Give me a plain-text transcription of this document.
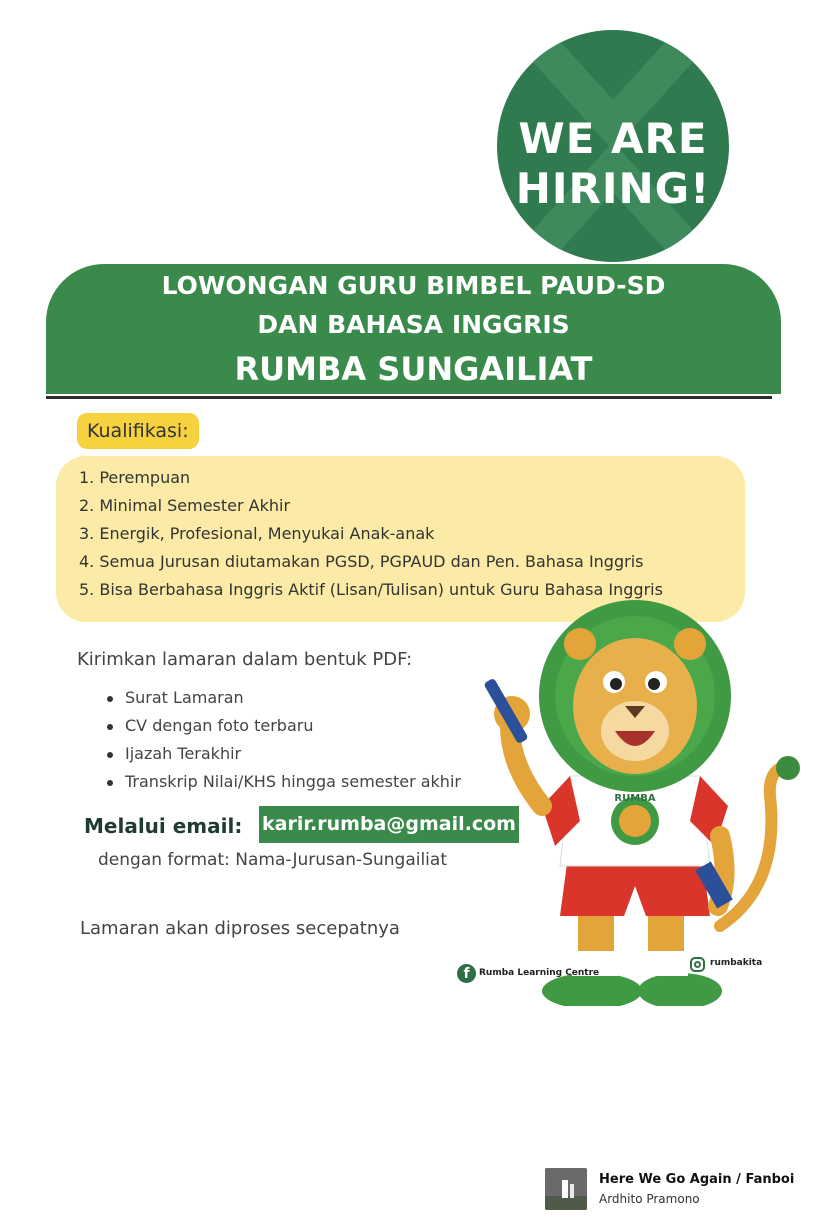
WE ARE
HIRING!
LOWONGAN GURU BIMBEL PAUD-SD
DAN BAHASA INGGRIS
RUMBA SUNGAILIAT
Kualifikasi:
1. Perempuan
2. Minimal Semester Akhir
3. Energik, Profesional, Menyukai Anak-anak
4. Semua Jurusan diutamakan PGSD, PGPAUD dan Pen. Bahasa Inggris
5. Bisa Berbahasa Inggris Aktif (Lisan/Tulisan) untuk Guru Bahasa Inggris
Kirimkan lamaran dalam bentuk PDF:
Surat Lamaran
CV dengan foto terbaru
Ijazah Terakhir
Transkrip Nilai/KHS hingga semester akhir
Melalui email: karir.rumba@gmail.com
dengan format: Nama-Jurusan-Sungailiat
Lamaran akan diproses secepatnya
RUMBA
f	Rumba Learning Centre
rumbakita
Here We Go Again / Fanboi
Ardhito Pramono
